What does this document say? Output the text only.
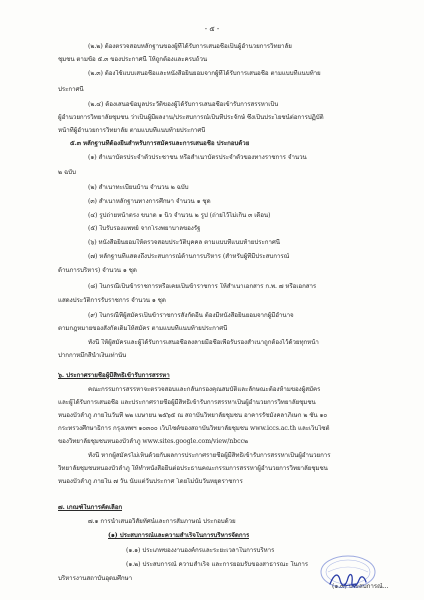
- ๕ -
(๒.๒) ต้องตรวจสอบหลักฐานของผู้ที่ได้รับการเสนอชื่อเป็นผู้อำนวยการวิทยาลัย
ชุมชน ตามข้อ ๕.๓ ของประกาศนี้ ให้ถูกต้องและครบถ้วน
(๒.๓) ต้องใช้แบบเสนอชื่อและหนังสือยินยอมจากผู้ที่ได้รับการเสนอชื่อ ตามแบบที่แนบท้าย
ประกาศนี้
(๒.๔) ต้องเสนอข้อมูลประวัติของผู้ได้รับการเสนอชื่อเข้ารับการสรรหาเป็น
ผู้อำนวยการวิทยาลัยชุมชน ว่าเป็นผู้มีผลงาน/ประสบการณ์เป็นที่ประจักษ์ ซึ่งเป็นประโยชน์ต่อการปฏิบัติ
หน้าที่ผู้อำนวยการวิทยาลัย ตามแบบที่แนบท้ายประกาศนี้
๕.๓ หลักฐานที่ต้องยื่นสำหรับการสมัครและการเสนอชื่อ ประกอบด้วย
(๑) สำเนาบัตรประจำตัวประชาชน หรือสำเนาบัตรประจำตัวของทางราชการ จำนวน
๒ ฉบับ
(๒) สำเนาทะเบียนบ้าน จำนวน ๒ ฉบับ
(๓) สำเนาหลักฐานทางการศึกษา จำนวน ๑ ชุด
(๔) รูปถ่ายหน้าตรง ขนาด ๑ นิ้ว จำนวน ๒ รูป (ถ่ายไว้ไม่เกิน ๓ เดือน)
(๕) ใบรับรองแพทย์ จากโรงพยาบาลของรัฐ
(๖) หนังสือยินยอมให้ตรวจสอบประวัติบุคคล ตามแบบที่แนบท้ายประกาศนี้
(๗) หลักฐานที่แสดงถึงประสบการณ์ด้านการบริหาร (สำหรับผู้ที่มีประสบการณ์
ด้านการบริหาร) จำนวน ๑ ชุด
(๘) ในกรณีเป็นข้าราชการหรือเคยเป็นข้าราชการ ให้สำเนาเอกสาร ก.พ. ๗ หรือเอกสาร
แสดงประวัติการรับราชการ จำนวน ๑ ชุด
(๙) ในกรณีที่ผู้สมัครเป็นข้าราชการสังกัดอื่น ต้องมีหนังสือยินยอมจากผู้มีอำนาจ
ตามกฎหมายของสังกัดเดิมให้สมัคร ตามแบบที่แนบท้ายประกาศนี้
ทั้งนี้ ให้ผู้สมัครและผู้ได้รับการเสนอชื่อลงลายมือชื่อเพื่อรับรองสำเนาถูกต้องไว้ด้วยทุกหน้า
ปากกาหมึกสีน้ำเงินเท่านั้น
๖. ประกาศรายชื่อผู้มีสิทธิ์เข้ารับการสรรหา
คณะกรรมการสรรหาจะตรวจสอบและกลั่นกรองคุณสมบัติและลักษณะต้องห้ามของผู้สมัคร
และผู้ได้รับการเสนอชื่อ และประกาศรายชื่อผู้มีสิทธิ์เข้ารับการสรรหาเป็นผู้อำนวยการวิทยาลัยชุมชน
หนองบัวลำภู ภายในวันที่ ๒๒ เมษายน ๒๕๖๕ ณ สถาบันวิทยาลัยชุมชน อาคารรัชมังคลาภิเษก ๒ ชั้น ๑๐
กระทรวงศึกษาธิการ กรุงเทพฯ ๑๐๓๐๐ เว็บไซต์ของสถาบันวิทยาลัยชุมชน www.iccs.ac.th และเว็บไซต์
ของวิทยาลัยชุมชนหนองบัวลำภู www.sites.google.com/view/nbcc๒
ทั้งนี้ หากผู้สมัครไม่เห็นด้วยกับผลการประกาศรายชื่อผู้มีสิทธิ์เข้ารับการสรรหาเป็นผู้อำนวยการ
วิทยาลัยชุมชนหนองบัวลำภู ให้ทำหนังสือยื่นต่อประธานคณะกรรมการสรรหาผู้อำนวยการวิทยาลัยชุมชน
หนองบัวลำภู ภายใน ๗ วัน นับแต่วันประกาศ โดยไม่นับวันหยุดราชการ
๗. เกณฑ์ในการคัดเลือก
๗.๑ การนำเสนอวิสัยทัศน์และการสัมภาษณ์ ประกอบด้วย
(๑) ประสบการณ์และความสำเร็จในการบริหารจัดการ
(๑.๑) ประเภทของงานองค์กรและระยะเวลาในการบริหาร
(๑.๒) ประสบการณ์ ความสำเร็จ และการยอมรับของสาธารณะ ในการ
บริหารงานสถาบันอุดมศึกษา
(๑.๓) ประสบการณ์...
